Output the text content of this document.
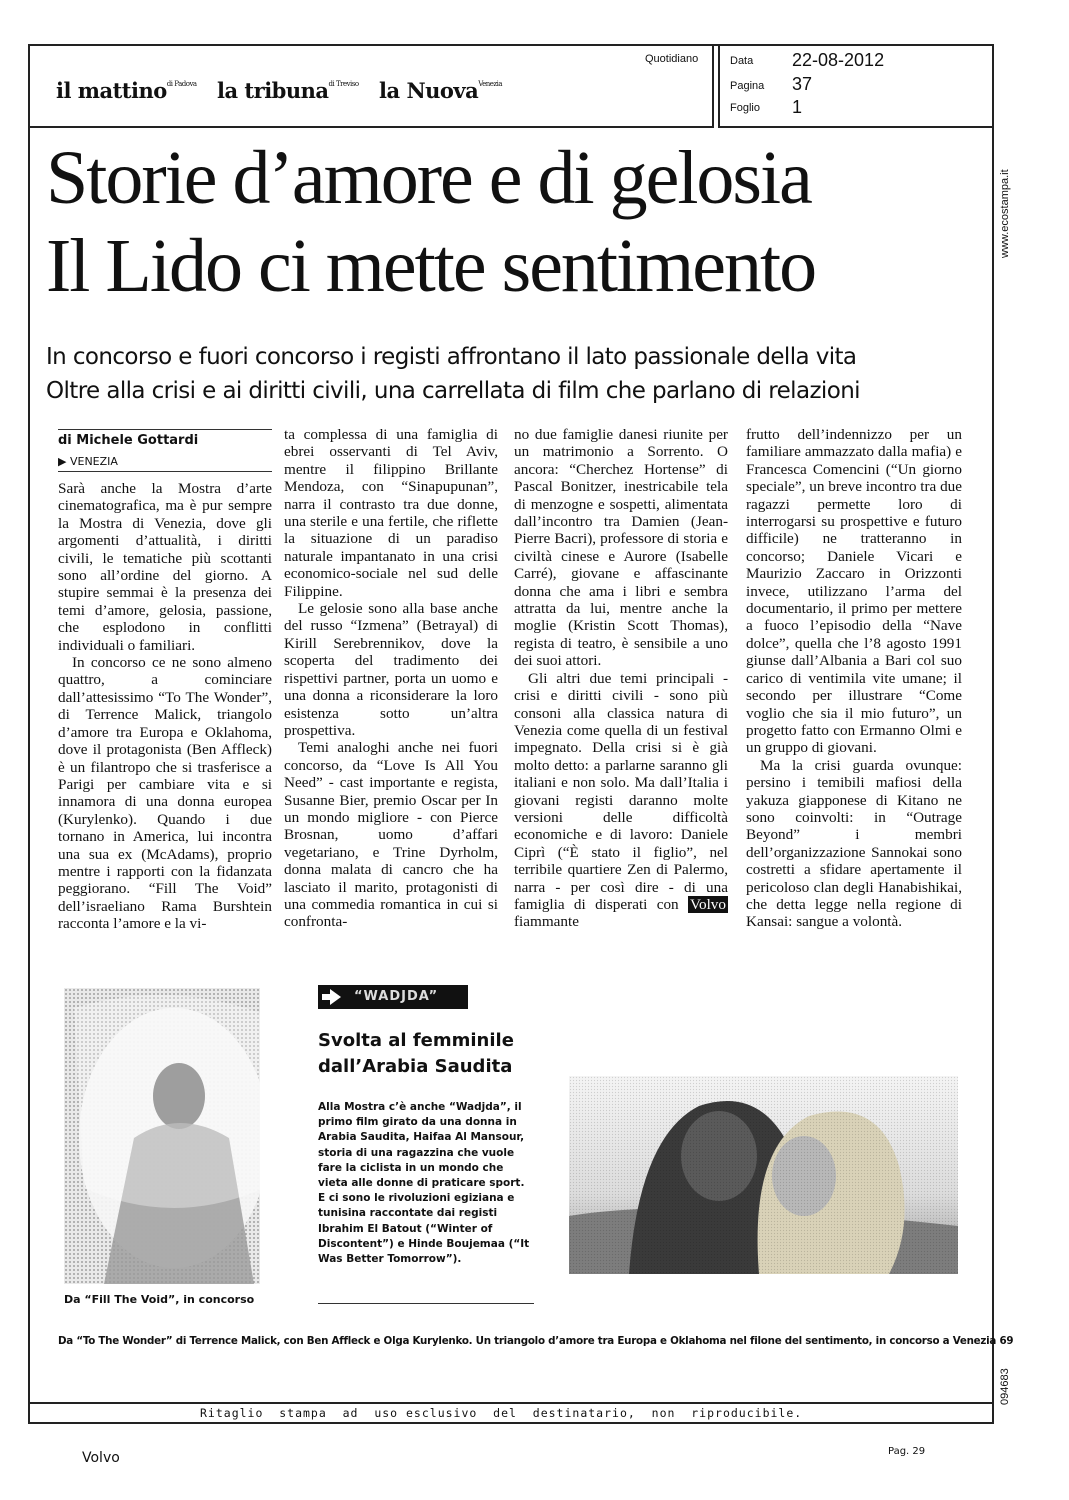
il mattino$^{di Padova}$ la tribuna$^{di Treviso}$ la Nuova$^{Venezia}$
Quotidiano	Data 22-08-2012
Pagina 37
Foglio 1
www.ecostampa.it
094683
Storie d’amore e di gelosia
Il Lido ci mette sentimento
In concorso e fuori concorso i registi affrontano il lato passionale della vita
Oltre alla crisi e ai diritti civili, una carrellata di film che parlano di relazioni
di Michele Gottardi
▶ VENEZIA

Sarà anche la Mostra d’arte cinematografica, ma è pur sempre la Mostra di Venezia, dove gli argomenti d’attualità, i diritti civili, le tematiche più scottanti sono all’ordine del giorno. A stupire semmai è la presenza dei temi d’amore, gelosia, passione, che esplodono in conflitti individuali o familiari.

In concorso ce ne sono almeno quattro, a cominciare dall’attesissimo “To The Wonder”, di Terrence Malick, triangolo d’amore tra Europa e Oklahoma, dove il protagonista (Ben Affleck) è un filantropo che si trasferisce a Parigi per cambiare vita e si innamora di una donna europea (Kurylenko). Quando i due tornano in America, lui incontra una sua ex (McAdams), proprio mentre i rapporti con la fidanzata peggiorano. “Fill The Void” dell’israeliano Rama Burshtein racconta l’amore e la vi-

ta complessa di una famiglia di ebrei osservanti di Tel Aviv, mentre il filippino Brillante Mendoza, con “Sinapupunan”, narra il contrasto tra due donne, una sterile e una fertile, che riflette la situazione di un paradiso naturale impantanato in una crisi economico-sociale nel sud delle Filippine.

Le gelosie sono alla base anche del russo “Izmena” (Betrayal) di Kirill Serebrennikov, dove la scoperta del tradimento dei rispettivi partner, porta un uomo e una donna a riconsiderare la loro esistenza sotto un’altra prospettiva.

Temi analoghi anche nei fuori concorso, da “Love Is All You Need” - cast importante e regista, Susanne Bier, premio Oscar per In un mondo migliore - con Pierce Brosnan, uomo d’affari vegetariano, e Trine Dyrholm, donna malata di cancro che ha lasciato il marito, protagonisti di una commedia romantica in cui si confronta-

no due famiglie danesi riunite per un matrimonio a Sorrento. O ancora: “Cherchez Hortense” di Pascal Bonitzer, inestricabile tela di menzogne e sospetti, alimentata dall’incontro tra Damien (Jean-Pierre Bacri), professore di storia e civiltà cinese e Aurore (Isabelle Carré), giovane e affascinante donna che ama i libri e sembra attratta da lui, mentre anche la moglie (Kristin Scott Thomas), regista di teatro, è sensibile a uno dei suoi attori.

Gli altri due temi principali - crisi e diritti civili - sono più consoni alla classica natura di Venezia come quella di un festival impegnato. Della crisi si è già molto detto: a parlarne saranno gli italiani e non solo. Ma dall’Italia i giovani registi daranno molte versioni delle difficoltà economiche e di lavoro: Daniele Ciprì (“È stato il figlio”, nel terribile quartiere Zen di Palermo, narra - per così dire - di una famiglia di disperati con Volvo fiammante

frutto dell’indennizzo per un familiare ammazzato dalla mafia) e Francesca Comencini (“Un giorno speciale”, un breve incontro tra due ragazzi permette loro di interrogarsi su prospettive e futuro difficile) ne tratteranno in concorso; Daniele Vicari e Maurizio Zaccaro in Orizzonti invece, utilizzano l’arma del documentario, il primo per mettere a fuoco l’episodio della “Nave dolce”, quella che l’8 agosto 1991 giunse dall’Albania a Bari col suo carico di ventimila vite umane; il secondo per illustrare “Come voglio che sia il mio futuro”, un progetto fatto con Ermanno Olmi e un gruppo di giovani.

Ma la crisi guarda ovunque: persino i temibili mafiosi della yakuza giapponese di Kitano ne sono coinvolti: in “Outrage Beyond” i membri dell’organizzazione Sannokai sono costretti a sfidare apertamente il pericoloso clan degli Hanabishikai, che detta legge nella regione di Kansai: sangue a volontà.

Da “Fill The Void”, in concorso
“WADJDA”
Svolta al femminile
dall’Arabia Saudita
Alla Mostra c’è anche “Wadjda”, il primo film girato da una donna in Arabia Saudita, Haifaa Al Mansour, storia di una ragazzina che vuole fare la ciclista in un mondo che vieta alle donne di praticare sport. E ci sono le rivoluzioni egiziana e tunisina raccontate dai registi Ibrahim El Batout (“Winter of Discontent”) e Hinde Boujemaa (“It Was Better Tomorrow”).
Da “To The Wonder” di Terrence Malick, con Ben Affleck e Olga Kurylenko. Un triangolo d’amore tra Europa e Oklahoma nel filone del sentimento, in concorso a Venezia 69
Ritaglio  stampa  ad  uso esclusivo  del  destinatario,  non  riproducibile.
Volvo	Pag. 29
